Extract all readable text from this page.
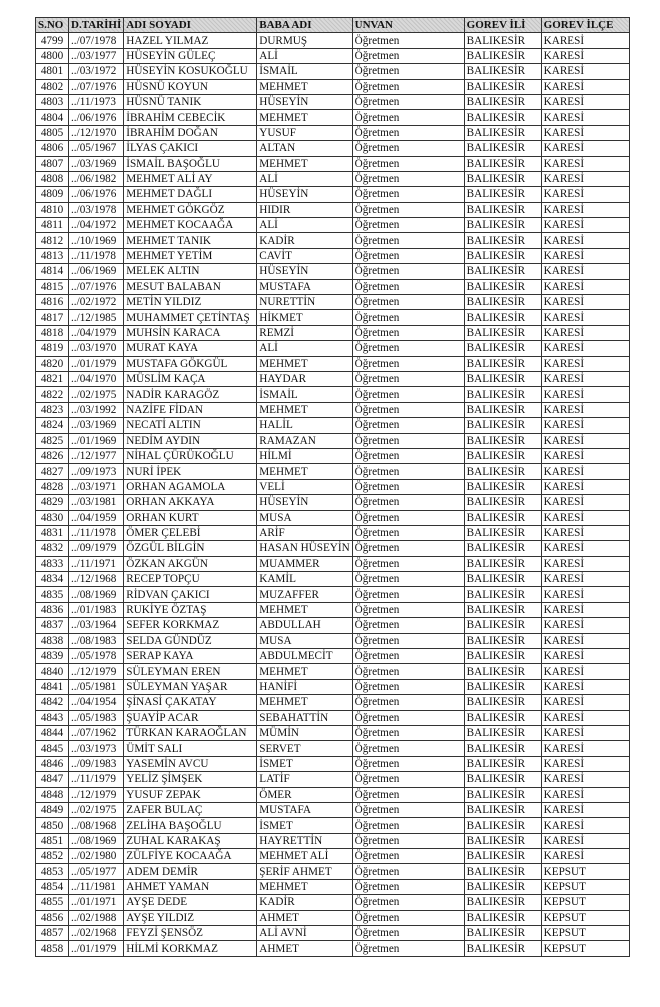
S.NO	D.TARİHİ	ADI SOYADI	BABA ADI	UNVAN	GOREV İLİ	GOREV İLÇE
4799	../07/1978	HAZEL YILMAZ	DURMUŞ	Öğretmen	BALIKESİR	KARESİ
4800	../03/1977	HÜSEYİN GÜLEÇ	ALİ	Öğretmen	BALIKESİR	KARESİ
4801	../03/1972	HÜSEYİN KOSUKOĞLU	İSMAİL	Öğretmen	BALIKESİR	KARESİ
4802	../07/1976	HÜSNÜ KOYUN	MEHMET	Öğretmen	BALIKESİR	KARESİ
4803	../11/1973	HÜSNÜ TANIK	HÜSEYİN	Öğretmen	BALIKESİR	KARESİ
4804	../06/1976	İBRAHİM CEBECİK	MEHMET	Öğretmen	BALIKESİR	KARESİ
4805	../12/1970	İBRAHİM DOĞAN	YUSUF	Öğretmen	BALIKESİR	KARESİ
4806	../05/1967	İLYAS ÇAKICI	ALTAN	Öğretmen	BALIKESİR	KARESİ
4807	../03/1969	İSMAİL BAŞOĞLU	MEHMET	Öğretmen	BALIKESİR	KARESİ
4808	../06/1982	MEHMET ALİ AY	ALİ	Öğretmen	BALIKESİR	KARESİ
4809	../06/1976	MEHMET DAĞLI	HÜSEYİN	Öğretmen	BALIKESİR	KARESİ
4810	../03/1978	MEHMET GÖKGÖZ	HIDIR	Öğretmen	BALIKESİR	KARESİ
4811	../04/1972	MEHMET KOCAAĞA	ALİ	Öğretmen	BALIKESİR	KARESİ
4812	../10/1969	MEHMET TANIK	KADİR	Öğretmen	BALIKESİR	KARESİ
4813	../11/1978	MEHMET YETİM	CAVİT	Öğretmen	BALIKESİR	KARESİ
4814	../06/1969	MELEK ALTIN	HÜSEYİN	Öğretmen	BALIKESİR	KARESİ
4815	../07/1976	MESUT BALABAN	MUSTAFA	Öğretmen	BALIKESİR	KARESİ
4816	../02/1972	METİN YILDIZ	NURETTİN	Öğretmen	BALIKESİR	KARESİ
4817	../12/1985	MUHAMMET ÇETİNTAŞ	HİKMET	Öğretmen	BALIKESİR	KARESİ
4818	../04/1979	MUHSİN KARACA	REMZİ	Öğretmen	BALIKESİR	KARESİ
4819	../03/1970	MURAT KAYA	ALİ	Öğretmen	BALIKESİR	KARESİ
4820	../01/1979	MUSTAFA GÖKGÜL	MEHMET	Öğretmen	BALIKESİR	KARESİ
4821	../04/1970	MÜSLİM KAÇA	HAYDAR	Öğretmen	BALIKESİR	KARESİ
4822	../02/1975	NADİR KARAGÖZ	İSMAİL	Öğretmen	BALIKESİR	KARESİ
4823	../03/1992	NAZİFE FİDAN	MEHMET	Öğretmen	BALIKESİR	KARESİ
4824	../03/1969	NECATİ ALTIN	HALİL	Öğretmen	BALIKESİR	KARESİ
4825	../01/1969	NEDİM AYDIN	RAMAZAN	Öğretmen	BALIKESİR	KARESİ
4826	../12/1977	NİHAL ÇÜRÜKOĞLU	HİLMİ	Öğretmen	BALIKESİR	KARESİ
4827	../09/1973	NURİ İPEK	MEHMET	Öğretmen	BALIKESİR	KARESİ
4828	../03/1971	ORHAN AGAMOLA	VELİ	Öğretmen	BALIKESİR	KARESİ
4829	../03/1981	ORHAN AKKAYA	HÜSEYİN	Öğretmen	BALIKESİR	KARESİ
4830	../04/1959	ORHAN KURT	MUSA	Öğretmen	BALIKESİR	KARESİ
4831	../11/1978	ÖMER ÇELEBİ	ARİF	Öğretmen	BALIKESİR	KARESİ
4832	../09/1979	ÖZGÜL BİLGİN	HASAN HÜSEYİN	Öğretmen	BALIKESİR	KARESİ
4833	../11/1971	ÖZKAN AKGÜN	MUAMMER	Öğretmen	BALIKESİR	KARESİ
4834	../12/1968	RECEP TOPÇU	KAMİL	Öğretmen	BALIKESİR	KARESİ
4835	../08/1969	RİDVAN ÇAKICI	MUZAFFER	Öğretmen	BALIKESİR	KARESİ
4836	../01/1983	RUKİYE ÖZTAŞ	MEHMET	Öğretmen	BALIKESİR	KARESİ
4837	../03/1964	SEFER KORKMAZ	ABDULLAH	Öğretmen	BALIKESİR	KARESİ
4838	../08/1983	SELDA GÜNDÜZ	MUSA	Öğretmen	BALIKESİR	KARESİ
4839	../05/1978	SERAP KAYA	ABDULMECİT	Öğretmen	BALIKESİR	KARESİ
4840	../12/1979	SÜLEYMAN EREN	MEHMET	Öğretmen	BALIKESİR	KARESİ
4841	../05/1981	SÜLEYMAN YAŞAR	HANİFİ	Öğretmen	BALIKESİR	KARESİ
4842	../04/1954	ŞİNASİ ÇAKATAY	MEHMET	Öğretmen	BALIKESİR	KARESİ
4843	../05/1983	ŞUAYİP ACAR	SEBAHATTİN	Öğretmen	BALIKESİR	KARESİ
4844	../07/1962	TÜRKAN KARAOĞLAN	MÜMİN	Öğretmen	BALIKESİR	KARESİ
4845	../03/1973	ÜMİT SALI	SERVET	Öğretmen	BALIKESİR	KARESİ
4846	../09/1983	YASEMİN AVCU	İSMET	Öğretmen	BALIKESİR	KARESİ
4847	../11/1979	YELİZ ŞİMŞEK	LATİF	Öğretmen	BALIKESİR	KARESİ
4848	../12/1979	YUSUF ZEPAK	ÖMER	Öğretmen	BALIKESİR	KARESİ
4849	../02/1975	ZAFER BULAÇ	MUSTAFA	Öğretmen	BALIKESİR	KARESİ
4850	../08/1968	ZELİHA BAŞOĞLU	İSMET	Öğretmen	BALIKESİR	KARESİ
4851	../08/1969	ZUHAL KARAKAŞ	HAYRETTİN	Öğretmen	BALIKESİR	KARESİ
4852	../02/1980	ZÜLFİYE KOCAAĞA	MEHMET ALİ	Öğretmen	BALIKESİR	KARESİ
4853	../05/1977	ADEM DEMİR	ŞERİF AHMET	Öğretmen	BALIKESİR	KEPSUT
4854	../11/1981	AHMET YAMAN	MEHMET	Öğretmen	BALIKESİR	KEPSUT
4855	../01/1971	AYŞE DEDE	KADİR	Öğretmen	BALIKESİR	KEPSUT
4856	../02/1988	AYŞE YILDIZ	AHMET	Öğretmen	BALIKESİR	KEPSUT
4857	../02/1968	FEYZİ ŞENSÖZ	ALİ AVNİ	Öğretmen	BALIKESİR	KEPSUT
4858	../01/1979	HİLMİ KORKMAZ	AHMET	Öğretmen	BALIKESİR	KEPSUT
